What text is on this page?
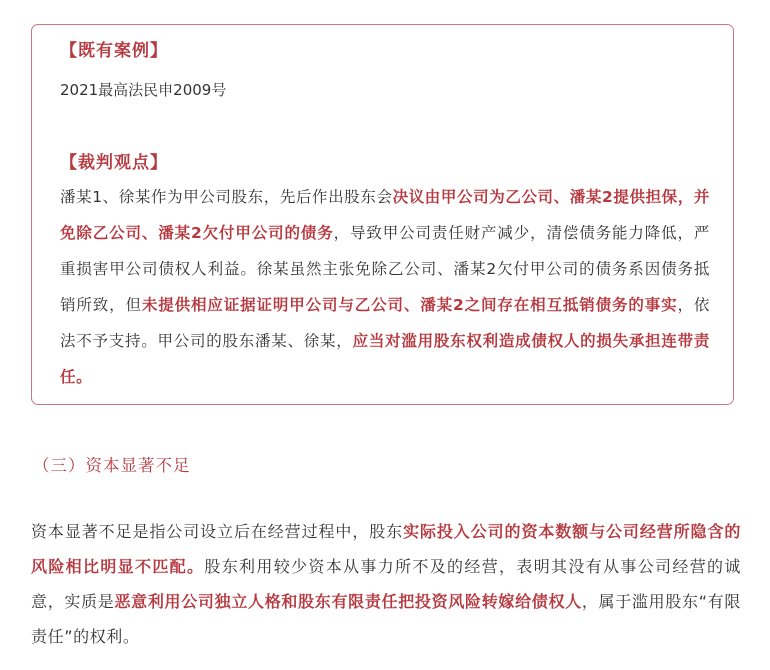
【既有案例】
2021最高法民申2009号
【裁判观点】
潘某1、徐某作为甲公司股东，先后作出股东会决议由甲公司为乙公司、潘某2提供担保，并免除乙公司、潘某2欠付甲公司的债务，导致甲公司责任财产减少，清偿债务能力降低，严重损害甲公司债权人利益。徐某虽然主张免除乙公司、潘某2欠付甲公司的债务系因债务抵销所致，但未提供相应证据证明甲公司与乙公司、潘某2之间存在相互抵销债务的事实，依法不予支持。甲公司的股东潘某、徐某，应当对滥用股东权利造成债权人的损失承担连带责任。
（三）资本显著不足
资本显著不足是指公司设立后在经营过程中，股东实际投入公司的资本数额与公司经营所隐含的风险相比明显不匹配。股东利用较少资本从事力所不及的经营，表明其没有从事公司经营的诚意，实质是恶意利用公司独立人格和股东有限责任把投资风险转嫁给债权人，属于滥用股东“有限责任”的权利。
